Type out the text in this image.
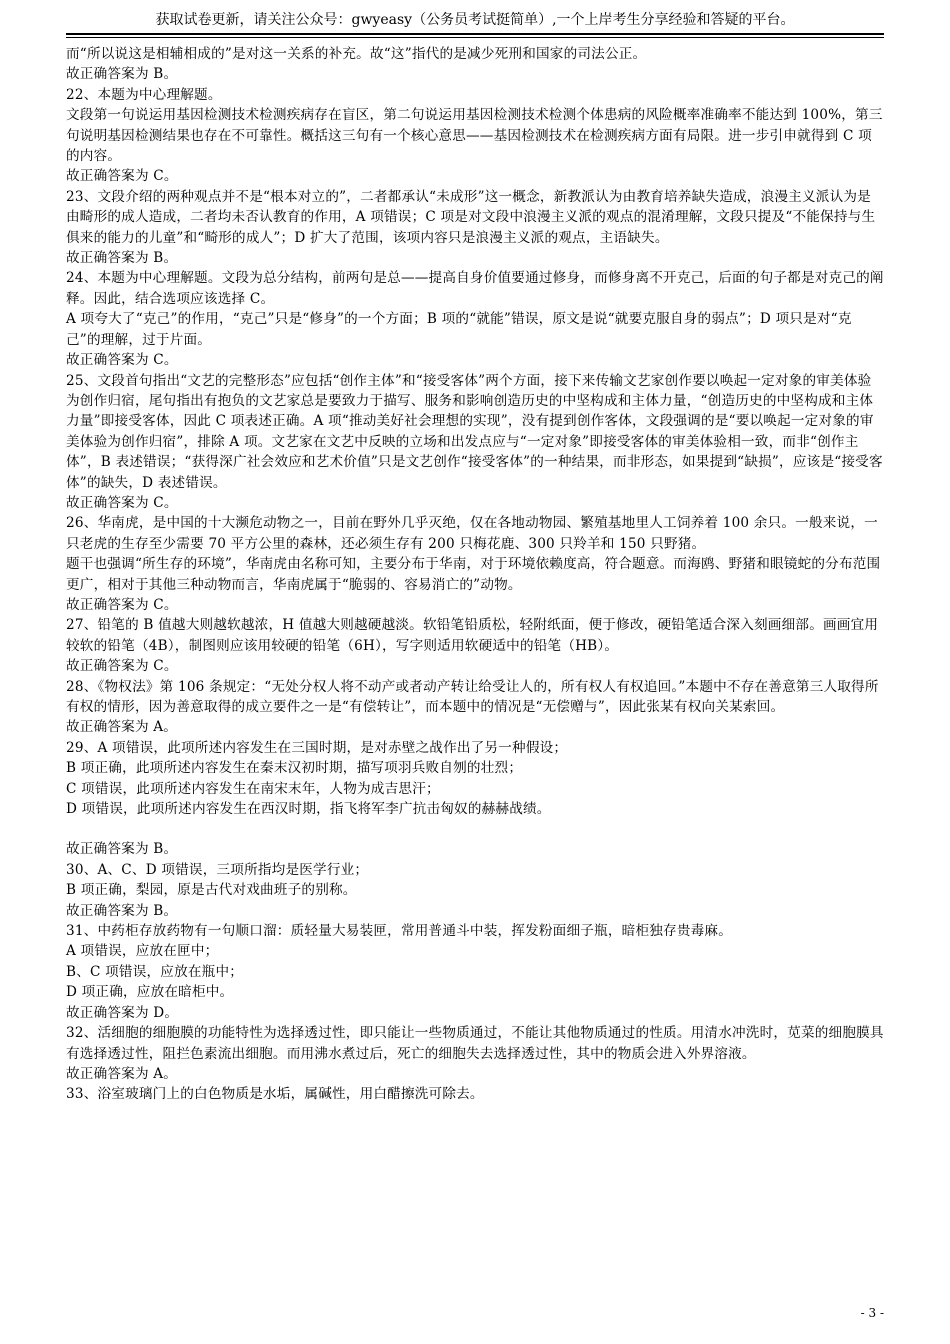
获取试卷更新，请关注公众号：gwyeasy（公务员考试挺简单）,一个上岸考生分享经验和答疑的平台。

而“所以说这是相辅相成的”是对这一关系的补充。故“这”指代的是减少死刑和国家的司法公正。

故正确答案为 B。

22、本题为中心理解题。

文段第一句说运用基因检测技术检测疾病存在盲区，第二句说运用基因检测技术检测个体患病的风险概率准确率不能达到 100%，第三句说明基因检测结果也存在不可靠性。概括这三句有一个核心意思——基因检测技术在检测疾病方面有局限。进一步引申就得到 C 项的内容。

故正确答案为 C。

23、文段介绍的两种观点并不是“根本对立的”，二者都承认“未成形”这一概念，新教派认为由教育培养缺失造成，浪漫主义派认为是由畸形的成人造成，二者均未否认教育的作用，A 项错误；C 项是对文段中浪漫主义派的观点的混淆理解，文段只提及“不能保持与生俱来的能力的儿童”和“畸形的成人”；D 扩大了范围，该项内容只是浪漫主义派的观点，主语缺失。

故正确答案为 B。

24、本题为中心理解题。文段为总分结构，前两句是总——提高自身价值要通过修身，而修身离不开克己，后面的句子都是对克己的阐释。因此，结合选项应该选择 C。

A 项夸大了“克己”的作用，“克己”只是“修身”的一个方面；B 项的“就能”错误，原文是说“就要克服自身的弱点”；D 项只是对“克己”的理解，过于片面。

故正确答案为 C。

25、文段首句指出“文艺的完整形态”应包括“创作主体”和“接受客体”两个方面，接下来传输文艺家创作要以唤起一定对象的审美体验为创作归宿，尾句指出有抱负的文艺家总是要致力于描写、服务和影响创造历史的中坚构成和主体力量，“创造历史的中坚构成和主体力量”即接受客体，因此 C 项表述正确。A 项“推动美好社会理想的实现”，没有提到创作客体，文段强调的是“要以唤起一定对象的审美体验为创作归宿”，排除 A 项。文艺家在文艺中反映的立场和出发点应与“一定对象”即接受客体的审美体验相一致，而非“创作主体”，B 表述错误；“获得深广社会效应和艺术价值”只是文艺创作“接受客体”的一种结果，而非形态，如果提到“缺损”，应该是“接受客体”的缺失，D 表述错误。

故正确答案为 C。

26、华南虎，是中国的十大濒危动物之一，目前在野外几乎灭绝，仅在各地动物园、繁殖基地里人工饲养着 100 余只。一般来说，一只老虎的生存至少需要 70 平方公里的森林，还必须生存有 200 只梅花鹿、300 只羚羊和 150 只野猪。

题干也强调“所生存的环境”，华南虎由名称可知，主要分布于华南，对于环境依赖度高，符合题意。而海鸥、野猪和眼镜蛇的分布范围更广，相对于其他三种动物而言，华南虎属于“脆弱的、容易消亡的”动物。

故正确答案为 C。

27、铅笔的 B 值越大则越软越浓，H 值越大则越硬越淡。软铅笔铅质松，轻附纸面，便于修改，硬铅笔适合深入刻画细部。画画宜用较软的铅笔（4B），制图则应该用较硬的铅笔（6H），写字则适用软硬适中的铅笔（HB）。

故正确答案为 C。

28、《物权法》第 106 条规定：“无处分权人将不动产或者动产转让给受让人的，所有权人有权追回。”本题中不存在善意第三人取得所有权的情形，因为善意取得的成立要件之一是“有偿转让”，而本题中的情况是“无偿赠与”，因此张某有权向关某索回。

故正确答案为 A。

29、A 项错误，此项所述内容发生在三国时期，是对赤壁之战作出了另一种假设；

B 项正确，此项所述内容发生在秦末汉初时期，描写项羽兵败自刎的壮烈；

C 项错误，此项所述内容发生在南宋末年，人物为成吉思汗；

D 项错误，此项所述内容发生在西汉时期，指飞将军李广抗击匈奴的赫赫战绩。

故正确答案为 B。

30、A、C、D 项错误，三项所指均是医学行业；

B 项正确，梨园，原是古代对戏曲班子的别称。

故正确答案为 B。

31、中药柜存放药物有一句顺口溜：质轻量大易装匣，常用普通斗中装，挥发粉面细子瓶，暗柜独存贵毒麻。

A 项错误，应放在匣中；

B、C 项错误，应放在瓶中；

D 项正确，应放在暗柜中。

故正确答案为 D。

32、活细胞的细胞膜的功能特性为选择透过性，即只能让一些物质通过，不能让其他物质通过的性质。用清水冲洗时，苋菜的细胞膜具有选择透过性，阻拦色素流出细胞。而用沸水煮过后，死亡的细胞失去选择透过性，其中的物质会进入外界溶液。

故正确答案为 A。

33、浴室玻璃门上的白色物质是水垢，属碱性，用白醋擦洗可除去。

- 3 -
